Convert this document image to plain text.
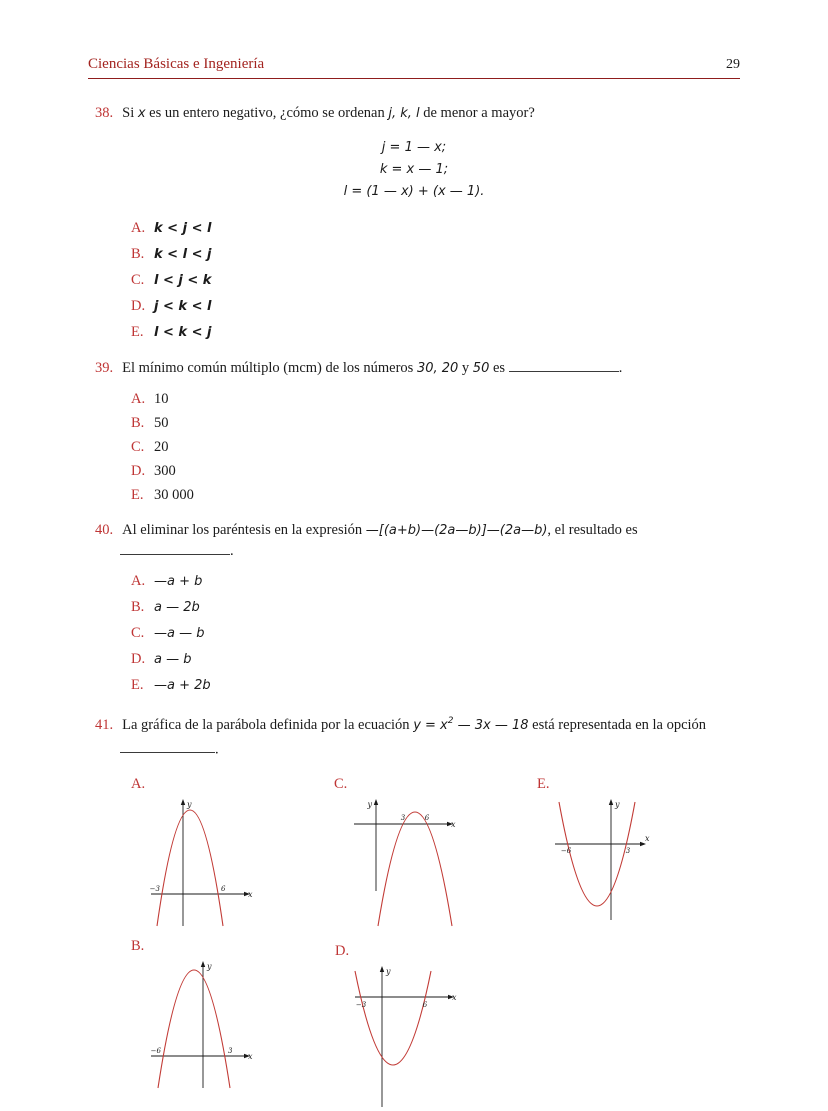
Ciencias Básicas e Ingeniería	29
38. Si x es un entero negativo, ¿cómo se ordenan j, k, l de menor a mayor?
j = 1 — x;
k = x — 1;
l = (1 — x) + (x — 1).
A. k < j < l
B. k < l < j
C. l < j < k
D. j < k < l
E. l < k < j
39. El mínimo común múltiplo (mcm) de los números 30, 20 y 50 es	.
A. 10
B. 50
C. 20
D. 300
E. 30 000
40. Al eliminar los paréntesis en la expresión —[(a+b)—(2a—b)]—(2a—b), el resultado es .
A. —a + b
B. a — 2b
C. —a — b
D. a — b
E. —a + 2b
41. La gráfica de la parábola definida por la ecuación $y = x^2$ — 3x — 18 está representada en la opción
.
A.
y
x
−3	6
C.
y
x
3	6
E.
y
x
−6	3
B.
y
x
−6	3
D.
y
x
−3	6
